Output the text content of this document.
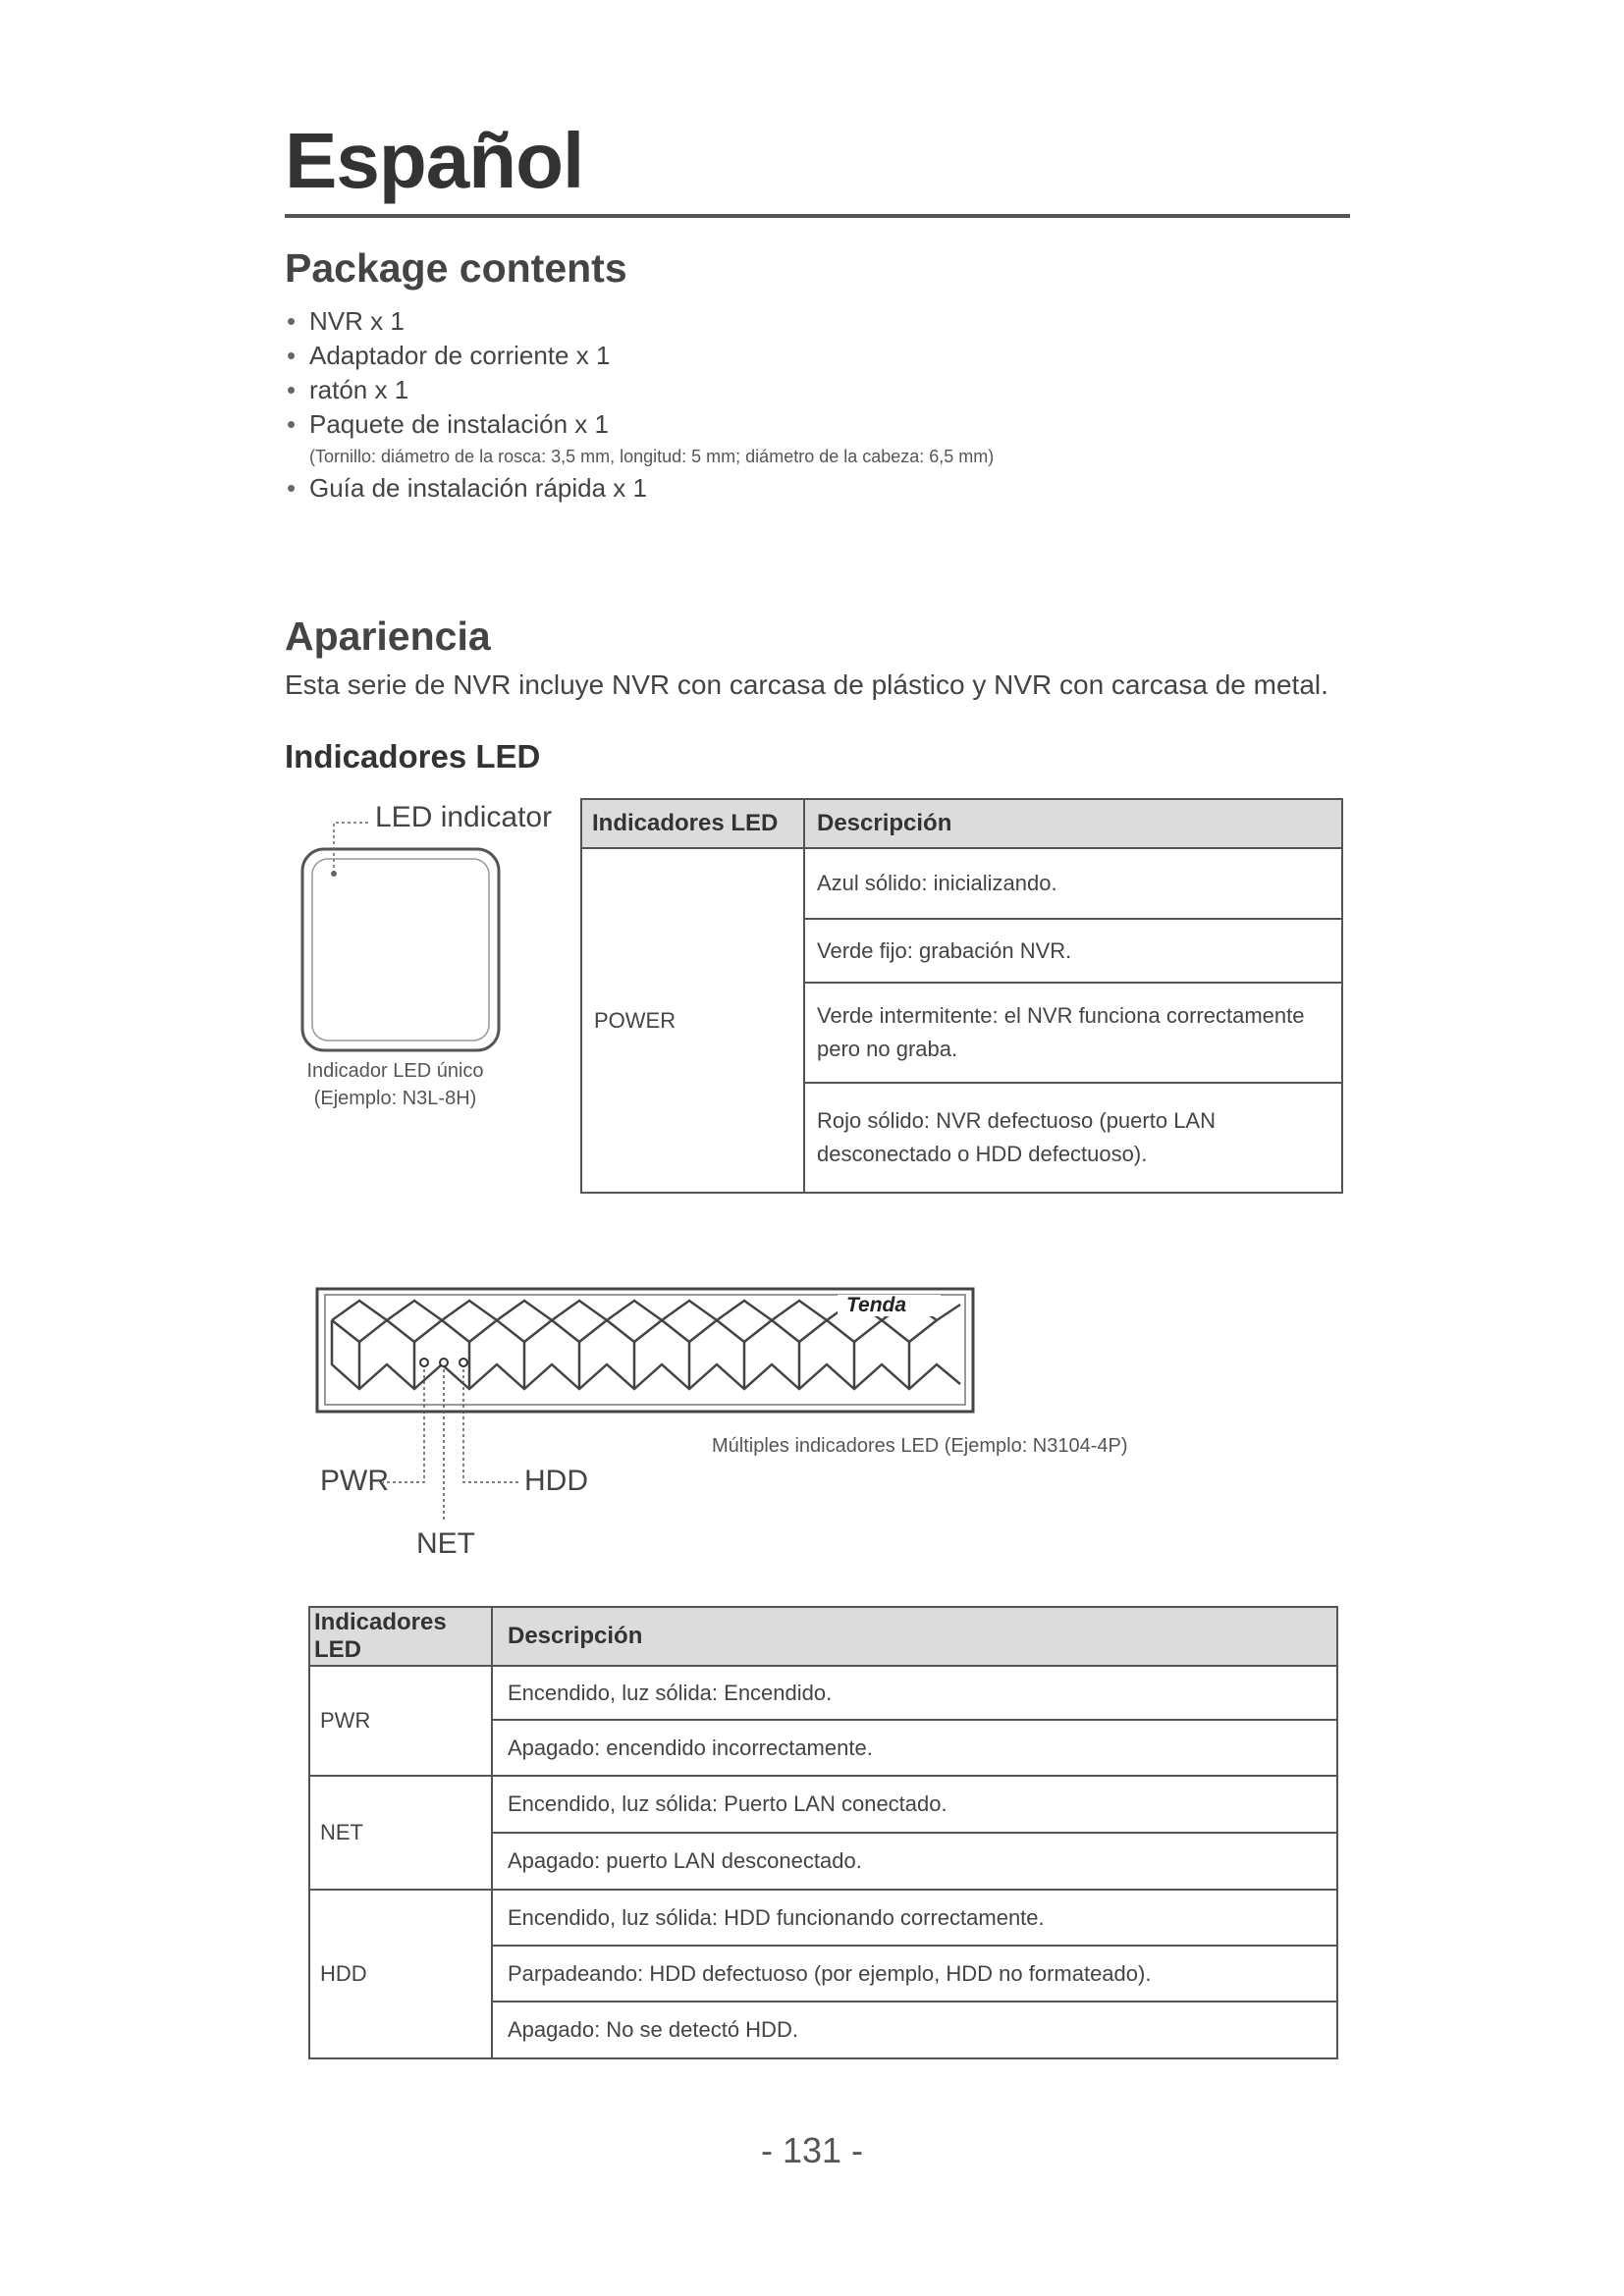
Español
Package contents
• NVR x 1
• Adaptador de corriente x 1
• ratón x 1
• Paquete de instalación x 1
(Tornillo: diámetro de la rosca: 3,5 mm, longitud: 5 mm; diámetro de la cabeza: 6,5 mm)
• Guía de instalación rápida x 1
Apariencia
Esta serie de NVR incluye NVR con carcasa de plástico y NVR con carcasa de metal.
Indicadores LED
LED indicator
Indicador LED único
(Ejemplo: N3L-8H)
Indicadores LED	Descripción
POWER	Azul sólido: inicializando.
	Verde fijo: grabación NVR.
	Verde intermitente: el NVR funciona correctamente pero no graba.
	Rojo sólido: NVR defectuoso (puerto LAN desconectado o HDD defectuoso).
Tenda
PWR	HDD
NET
Múltiples indicadores LED (Ejemplo: N3104-4P)
Indicadores LED	Descripción
PWR	Encendido, luz sólida: Encendido.
	Apagado: encendido incorrectamente.
NET	Encendido, luz sólida: Puerto LAN conectado.
	Apagado: puerto LAN desconectado.
HDD	Encendido, luz sólida: HDD funcionando correctamente.
	Parpadeando: HDD defectuoso (por ejemplo, HDD no formateado).
	Apagado: No se detectó HDD.
- 131 -
